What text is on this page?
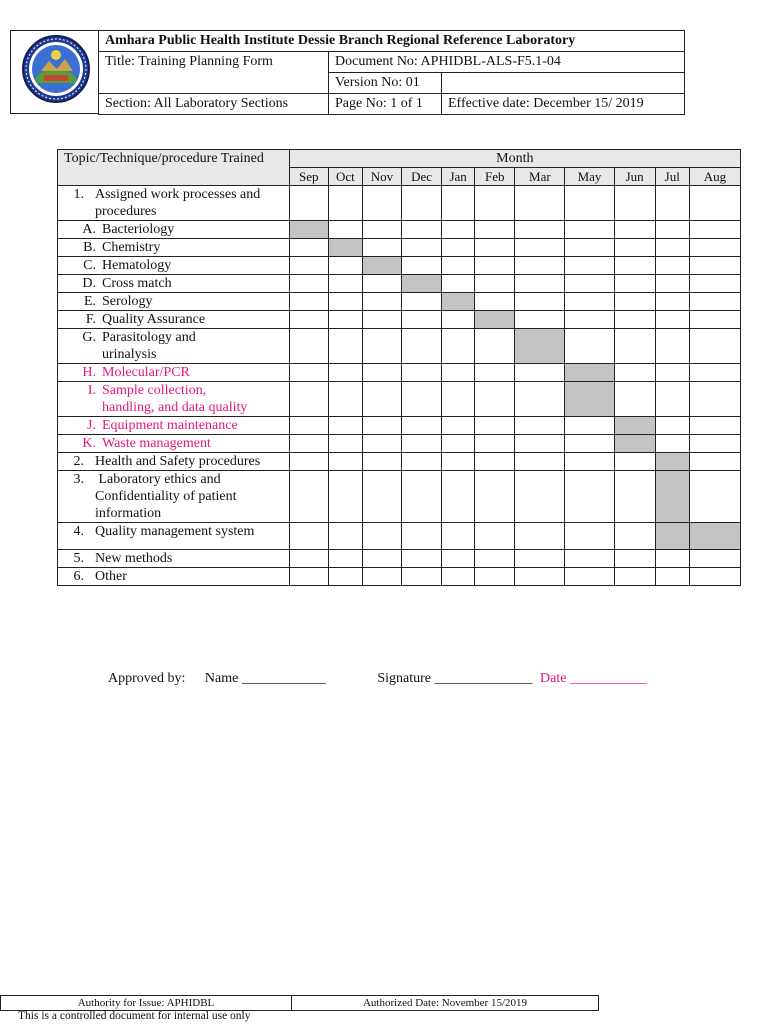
Amhara Public Health Institute Dessie Branch Regional Reference Laboratory		
Title: Training Planning Form	Document No: APHIDBL-ALS-F5.1-04	
	Version No: 01	
Section: All Laboratory Sections	Page No: 1 of 1	Effective date: December 15/ 2019
Topic/Technique/procedure Trained	Month										
	Sep	Oct	Nov	Dec	Jan	Feb	Mar	May	Jun	Jul	Aug
1. Assigned work processes and
procedures											

A. Bacteriology											

B. Chemistry											

C. Hematology											

D. Cross match											

E. Serology											

F. Quality Assurance											

G. Parasitology and
urinalysis											

H. Molecular/PCR											

I. Sample collection,
handling, and data quality											

J. Equipment maintenance											

K. Waste management											

2. Health and Safety procedures											

3. Laboratory ethics and
Confidentiality of patient
information											

4. Quality management system											

5. New methods											

6. Other											

Approved by: Name ____________	Signature ______________ Date ___________
Authority for Issue: APHIDBL	Authorized Date: November 15/2019
This is a controlled document for internal use only
